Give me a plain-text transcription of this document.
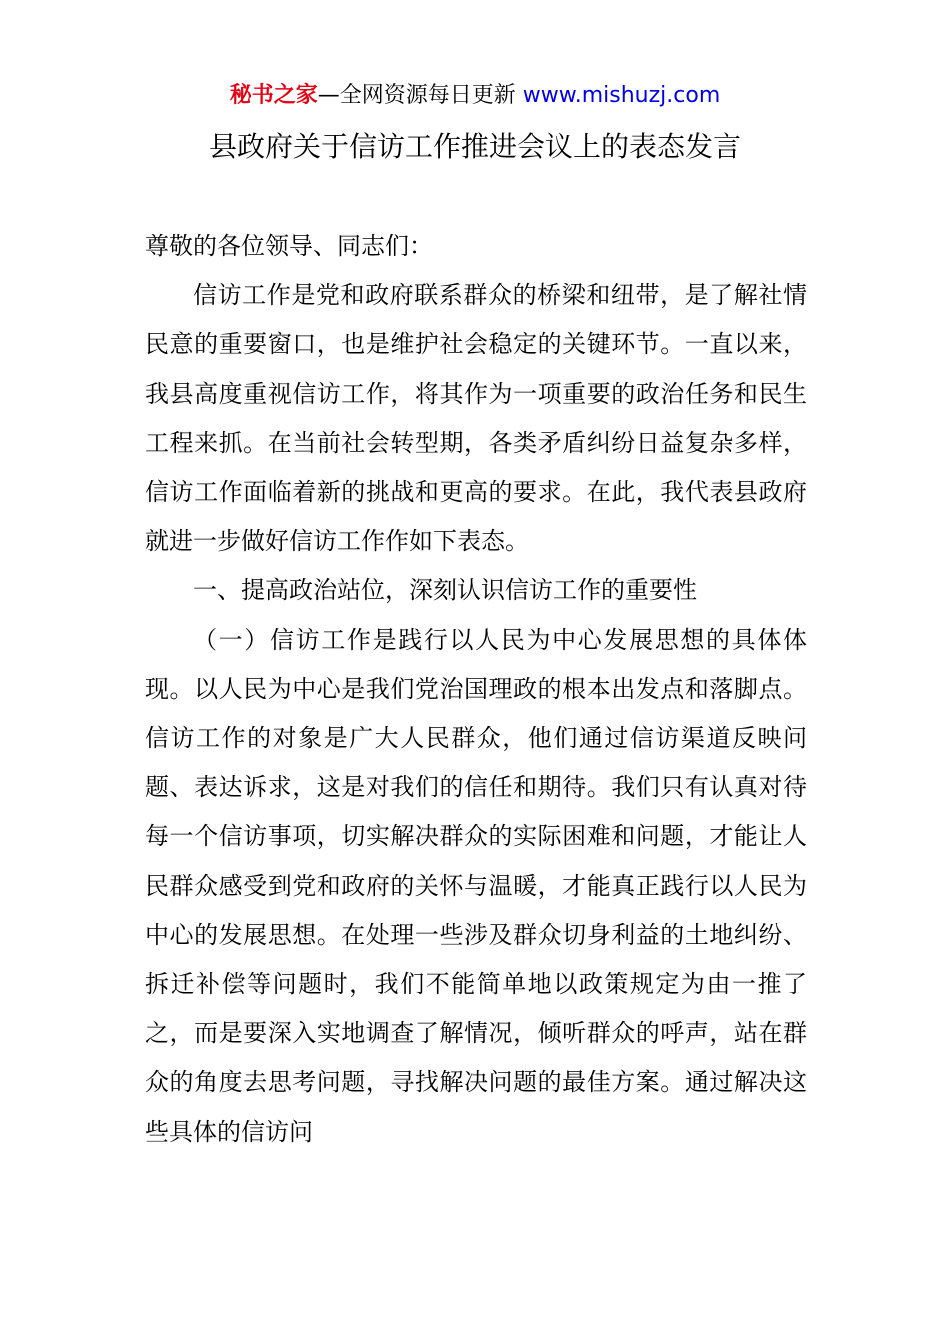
秘书之家—全网资源每日更新 www.mishuzj.com
县政府关于信访工作推进会议上的表态发言

尊敬的各位领导、同志们：

信访工作是党和政府联系群众的桥梁和纽带，是了解社情民意的重要窗口，也是维护社会稳定的关键环节。一直以来，我县高度重视信访工作，将其作为一项重要的政治任务和民生工程来抓。在当前社会转型期，各类矛盾纠纷日益复杂多样，信访工作面临着新的挑战和更高的要求。在此，我代表县政府就进一步做好信访工作作如下表态。

一、提高政治站位，深刻认识信访工作的重要性

（一）信访工作是践行以人民为中心发展思想的具体体现。以人民为中心是我们党治国理政的根本出发点和落脚点。信访工作的对象是广大人民群众，他们通过信访渠道反映问题、表达诉求，这是对我们的信任和期待。我们只有认真对待每一个信访事项，切实解决群众的实际困难和问题，才能让人民群众感受到党和政府的关怀与温暖，才能真正践行以人民为中心的发展思想。在处理一些涉及群众切身利益的土地纠纷、拆迁补偿等问题时，我们不能简单地以政策规定为由一推了之，而是要深入实地调查了解情况，倾听群众的呼声，站在群众的角度去思考问题，寻找解决问题的最佳方案。通过解决这些具体的信访问
